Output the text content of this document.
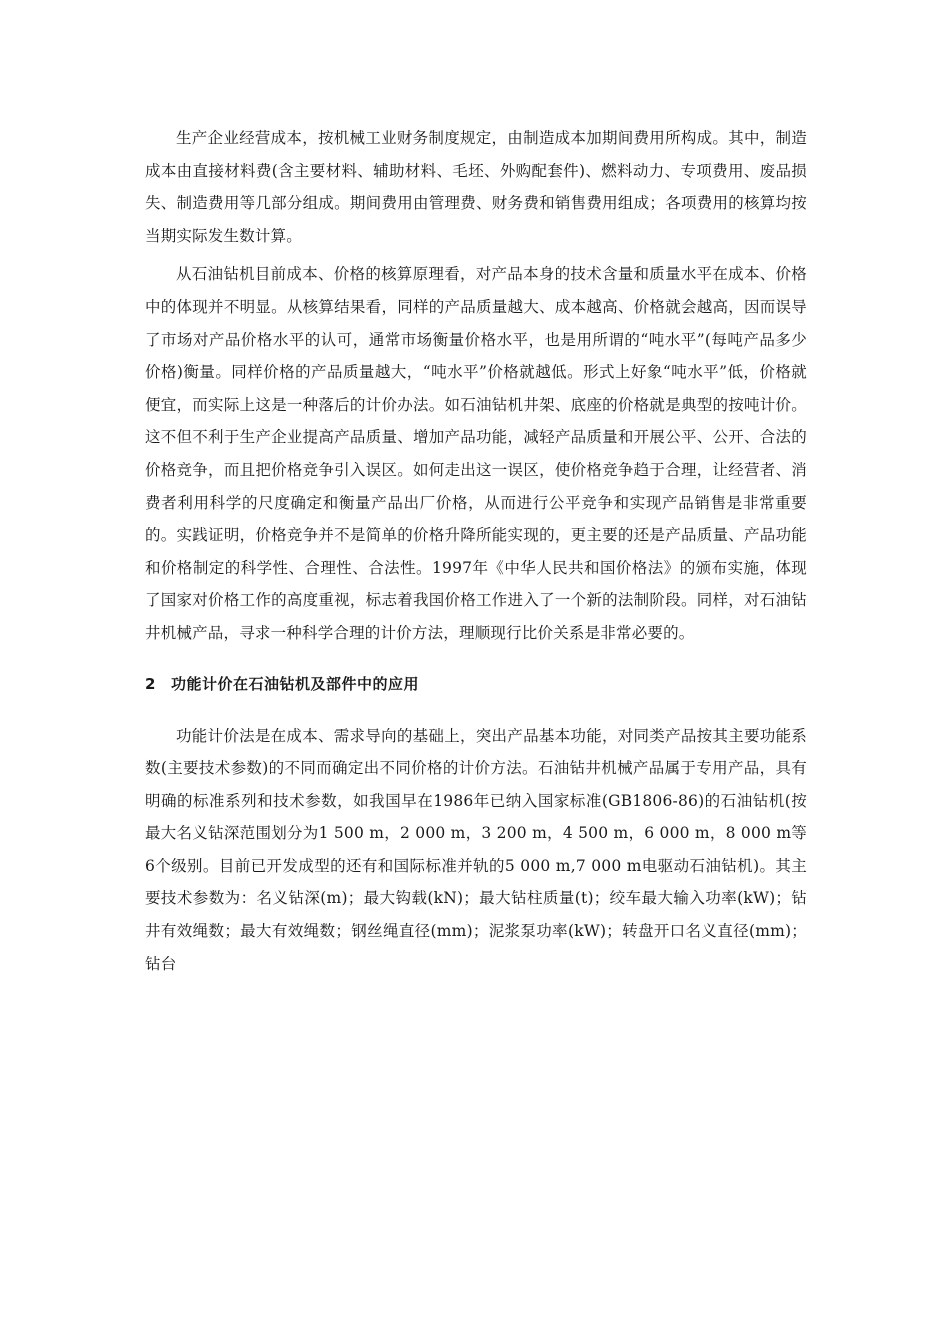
生产企业经营成本，按机械工业财务制度规定，由制造成本加期间费用所构成。其中，制造成本由直接材料费(含主要材料、辅助材料、毛坯、外购配套件)、燃料动力、专项费用、废品损失、制造费用等几部分组成。期间费用由管理费、财务费和销售费用组成；各项费用的核算均按当期实际发生数计算。

从石油钻机目前成本、价格的核算原理看，对产品本身的技术含量和质量水平在成本、价格中的体现并不明显。从核算结果看，同样的产品质量越大、成本越高、价格就会越高，因而误导了市场对产品价格水平的认可，通常市场衡量价格水平，也是用所谓的“吨水平”(每吨产品多少价格)衡量。同样价格的产品质量越大，“吨水平”价格就越低。形式上好象“吨水平”低，价格就便宜，而实际上这是一种落后的计价办法。如石油钻机井架、底座的价格就是典型的按吨计价。这不但不利于生产企业提高产品质量、增加产品功能，减轻产品质量和开展公平、公开、合法的价格竞争，而且把价格竞争引入误区。如何走出这一误区，使价格竞争趋于合理，让经营者、消费者利用科学的尺度确定和衡量产品出厂价格，从而进行公平竞争和实现产品销售是非常重要的。实践证明，价格竞争并不是简单的价格升降所能实现的，更主要的还是产品质量、产品功能和价格制定的科学性、合理性、合法性。1997年《中华人民共和国价格法》的颁布实施，体现了国家对价格工作的高度重视，标志着我国价格工作进入了一个新的法制阶段。同样，对石油钻井机械产品，寻求一种科学合理的计价方法，理顺现行比价关系是非常必要的。

2 功能计价在石油钻机及部件中的应用

功能计价法是在成本、需求导向的基础上，突出产品基本功能，对同类产品按其主要功能系数(主要技术参数)的不同而确定出不同价格的计价方法。石油钻井机械产品属于专用产品，具有明确的标准系列和技术参数，如我国早在1986年已纳入国家标准(GB1806-86)的石油钻机(按最大名义钻深范围划分为1 500 m，2 000 m，3 200 m，4 500 m，6 000 m，8 000 m等6个级别。目前已开发成型的还有和国际标准并轨的5 000 m,7 000 m电驱动石油钻机)。其主要技术参数为：名义钻深(m)；最大钩载(kN)；最大钻柱质量(t)；绞车最大输入功率(kW)；钻井有效绳数；最大有效绳数；钢丝绳直径(mm)；泥浆泵功率(kW)；转盘开口名义直径(mm)；钻台
